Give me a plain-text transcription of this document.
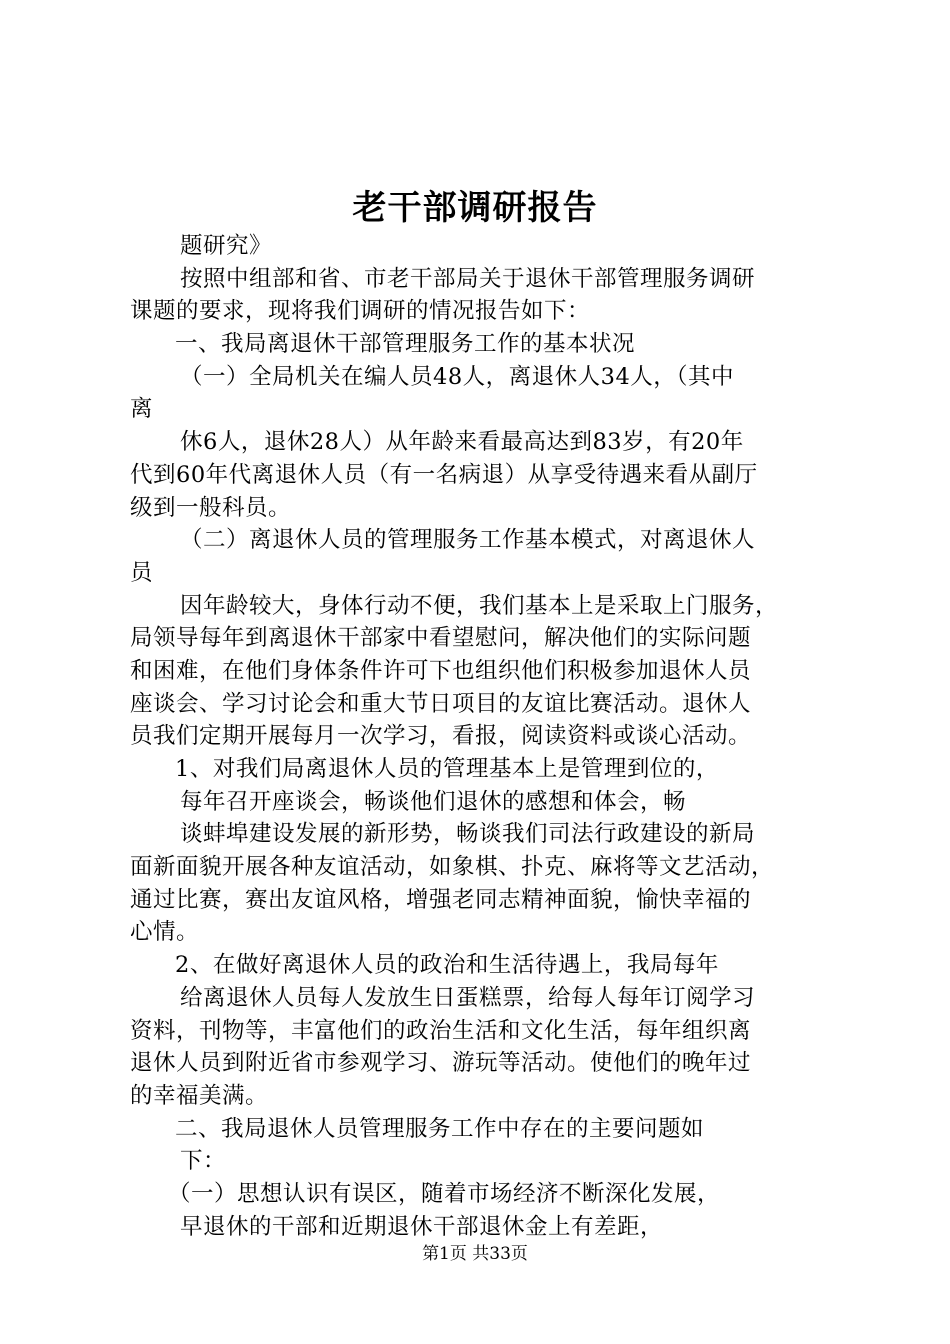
老干部调研报告
题研究》
按照中组部和省、市老干部局关于退休干部管理服务调研
课题的要求，现将我们调研的情况报告如下：
一、我局离退休干部管理服务工作的基本状况
（一）全局机关在编人员48人，离退休人34人，（其中
离
休6人，退休28人）从年龄来看最高达到83岁，有20年
代到60年代离退休人员（有一名病退）从享受待遇来看从副厅
级到一般科员。
（二）离退休人员的管理服务工作基本模式，对离退休人
员
因年龄较大，身体行动不便，我们基本上是采取上门服务，
局领导每年到离退休干部家中看望慰问，解决他们的实际问题
和困难，在他们身体条件许可下也组织他们积极参加退休人员
座谈会、学习讨论会和重大节日项目的友谊比赛活动。退休人
员我们定期开展每月一次学习，看报，阅读资料或谈心活动。
1、对我们局离退休人员的管理基本上是管理到位的，
每年召开座谈会，畅谈他们退休的感想和体会，畅
谈蚌埠建设发展的新形势，畅谈我们司法行政建设的新局
面新面貌开展各种友谊活动，如象棋、扑克、麻将等文艺活动，
通过比赛，赛出友谊风格，增强老同志精神面貌，愉快幸福的
心情。
2、在做好离退休人员的政治和生活待遇上，我局每年
给离退休人员每人发放生日蛋糕票，给每人每年订阅学习
资料，刊物等，丰富他们的政治生活和文化生活，每年组织离
退休人员到附近省市参观学习、游玩等活动。使他们的晚年过
的幸福美满。
二、我局退休人员管理服务工作中存在的主要问题如
下：
（一）思想认识有误区，随着市场经济不断深化发展，
早退休的干部和近期退休干部退休金上有差距，
第1页 共33页
